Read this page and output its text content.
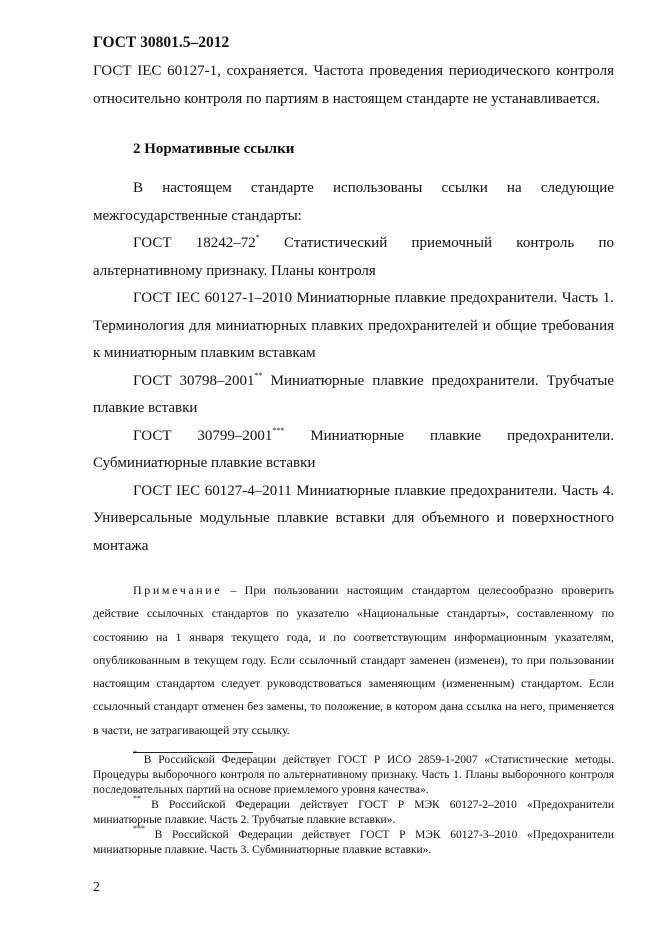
ГОСТ 30801.5–2012

ГОСТ IEC 60127-1, сохраняется. Частота проведения периодического контроля относительно контроля по партиям в настоящем стандарте не устанавливается.

2 Нормативные ссылки

В настоящем стандарте использованы ссылки на следующие межгосударственные стандарты:

ГОСТ 18242–72* Статистический приемочный контроль по альтернативному признаку. Планы контроля

ГОСТ IEC 60127-1–2010 Миниатюрные плавкие предохранители. Часть 1. Терминология для миниатюрных плавких предохранителей и общие требования к миниатюрным плавким вставкам

ГОСТ 30798–2001** Миниатюрные плавкие предохранители. Трубчатые плавкие вставки

ГОСТ 30799–2001*** Миниатюрные плавкие предохранители. Субминиатюрные плавкие вставки

ГОСТ IEC 60127-4–2011 Миниатюрные плавкие предохранители. Часть 4. Универсальные модульные плавкие вставки для объемного и поверхностного монтажа

Примечание – При пользовании настоящим стандартом целесообразно проверить действие ссылочных стандартов по указателю «Национальные стандарты», составленному по состоянию на 1 января текущего года, и по соответствующим информационным указателям, опубликованным в текущем году. Если ссылочный стандарт заменен (изменен), то при пользовании настоящим стандартом следует руководствоваться заменяющим (измененным) стандартом. Если ссылочный стандарт отменен без замены, то положение, в котором дана ссылка на него, применяется в части, не затрагивающей эту ссылку.

* В Российской Федерации действует ГОСТ Р ИСО 2859-1-2007 «Статистические методы. Процедуры выборочного контроля по альтернативному признаку. Часть 1. Планы выборочного контроля последовательных партий на основе приемлемого уровня качества».

** В Российской Федерации действует ГОСТ Р МЭК 60127-2–2010 «Предохранители миниатюрные плавкие. Часть 2. Трубчатые плавкие вставки».

*** В Российской Федерации действует ГОСТ Р МЭК 60127-3–2010 «Предохранители миниатюрные плавкие. Часть 3. Субминиатюрные плавкие вставки».

2
